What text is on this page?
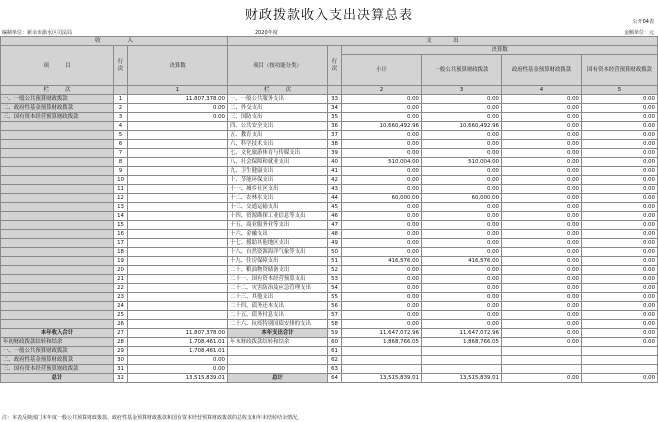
财政拨款收入支出决算总表	公开04表
编制单位：新余市渝水区司法局	2020年度	金额单位：元
收　　　　　入			支　　　　出					
项　　　目	行次	决算数	项目（按功能分类）	行次	决算数			
					小计	一般公共预算财政拨款	政府性基金预算财政拨款	国有资本经营预算财政拨款
栏　　　次		1	栏　　　次		2	3	4	5
一、一般公共预算财政拨款	1	11,807,378.00	一、一般公共服务支出	33	0.00	0.00	0.00	0.00
二、政府性基金预算财政拨款	2	0.00	二、外交支出	34	0.00	0.00	0.00	0.00
三、国有资本经营预算财政拨款	3	0.00	三、国防支出	35	0.00	0.00	0.00	0.00
	4		四、公共安全支出	36	10,660,492.96	10,660,492.96	0.00	0.00
	5		五、教育支出	37	0.00	0.00	0.00	0.00
	6		六、科学技术支出	38	0.00	0.00	0.00	0.00
	7		七、文化旅游体育与传媒支出	39	0.00	0.00	0.00	0.00
	8		八、社会保障和就业支出	40	510,004.00	510,004.00	0.00	0.00
	9		九、卫生健康支出	41	0.00	0.00	0.00	0.00
	10		十、节能环保支出	42	0.00	0.00	0.00	0.00
	11		十一、城乡社区支出	43	0.00	0.00	0.00	0.00
	12		十二、农林水支出	44	60,000.00	60,000.00	0.00	0.00
	13		十三、交通运输支出	45	0.00	0.00	0.00	0.00
	14		十四、资源勘探工业信息等支出	46	0.00	0.00	0.00	0.00
	15		十五、商业服务业等支出	47	0.00	0.00	0.00	0.00
	16		十六、金融支出	48	0.00	0.00	0.00	0.00
	17		十七、援助其他地区支出	49	0.00	0.00	0.00	0.00
	18		十八、自然资源海洋气象等支出	50	0.00	0.00	0.00	0.00
	19		十九、住房保障支出	51	416,576.00	416,576.00	0.00	0.00
	20		二十、粮油物资储备支出	52	0.00	0.00	0.00	0.00
	21		二十一、国有资本经营预算支出	53	0.00	0.00	0.00	0.00
	22		二十二、灾害防治及应急管理支出	54	0.00	0.00	0.00	0.00
	23		二十三、其他支出	55	0.00	0.00	0.00	0.00
	24		二十四、债务还本支出	56	0.00	0.00	0.00	0.00
	25		二十五、债务付息支出	57	0.00	0.00	0.00	0.00
	26		二十六、抗疫特别国债安排的支出	58	0.00	0.00	0.00	0.00
本年收入合计	27	11,807,378.00	本年支出合计	59	11,647,072.96	11,647,072.96	0.00	0.00
年初财政拨款结转和结余	28	1,708,461.01	年末财政拨款结转和结余	60	1,868,766.05	1,868,766.05	0.00	0.00
一、一般公共预算财政拨款	29	1,708,461.01		61				
二、政府性基金预算财政拨款	30	0.00		62				
三、国有资本经营预算财政拨款	31	0.00		63				
总计	32	13,515,839.01	总计	64	13,515,839.01	13,515,839.01	0.00	0.00
注：本表反映部门本年度一般公共预算财政拨款、政府性基金预算财政拨款和国有资本经营预算财政拨款的总收支和年末结转结余情况。
